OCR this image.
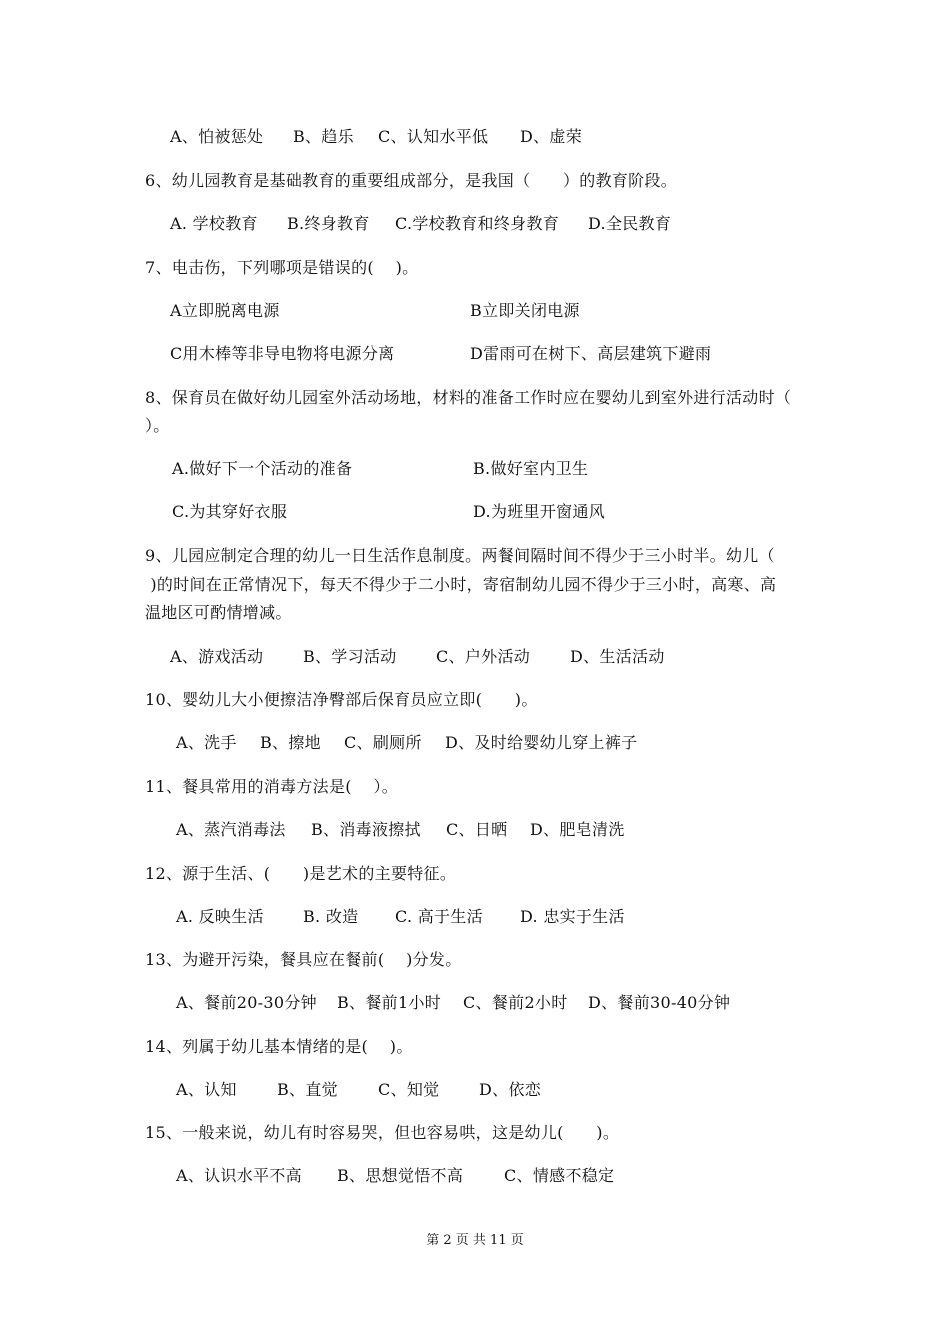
A、怕被惩处 B、趋乐 C、认知水平低 D、虚荣
6、幼儿园教育是基础教育的重要组成部分，是我国（　　）的教育阶段。
A. 学校教育 B.终身教育 C.学校教育和终身教育 D.全民教育
7、电击伤，下列哪项是错误的(　 )。
A立即脱离电源	B立即关闭电源
C用木棒等非导电物将电源分离	D雷雨可在树下、高层建筑下避雨
8、保育员在做好幼儿园室外活动场地，材料的准备工作时应在婴幼儿到室外进行活动时（
）。
A.做好下一个活动的准备	B.做好室内卫生
C.为其穿好衣服	D.为班里开窗通风
9、儿园应制定合理的幼儿一日生活作息制度。两餐间隔时间不得少于三小时半。幼儿（
)的时间在正常情况下，每天不得少于二小时，寄宿制幼儿园不得少于三小时，高寒、高
温地区可酌情增减。
A、游戏活动 B、学习活动 C、户外活动 D、生活活动
10、婴幼儿大小便擦洁净臀部后保育员应立即(　　)。
A、洗手 B、擦地 C、刷厕所 D、及时给婴幼儿穿上裤子
11、餐具常用的消毒方法是(　 ）。
A、蒸汽消毒法 B、消毒液擦拭 C、日晒 D、肥皂清洗
12、源于生活、(　　)是艺术的主要特征。
A. 反映生活 B. 改造 C. 高于生活 D. 忠实于生活
13、为避开污染，餐具应在餐前(　 )分发。
A、餐前20-30分钟 B、餐前1小时 C、餐前2小时 D、餐前30-40分钟
14、列属于幼儿基本情绪的是(　 )。
A、认知	B、直觉	C、知觉 D、依恋
15、一般来说，幼儿有时容易哭，但也容易哄，这是幼儿(　　)。
A、认识水平不高 B、思想觉悟不高	C、情感不稳定
第 2 页 共 11 页
